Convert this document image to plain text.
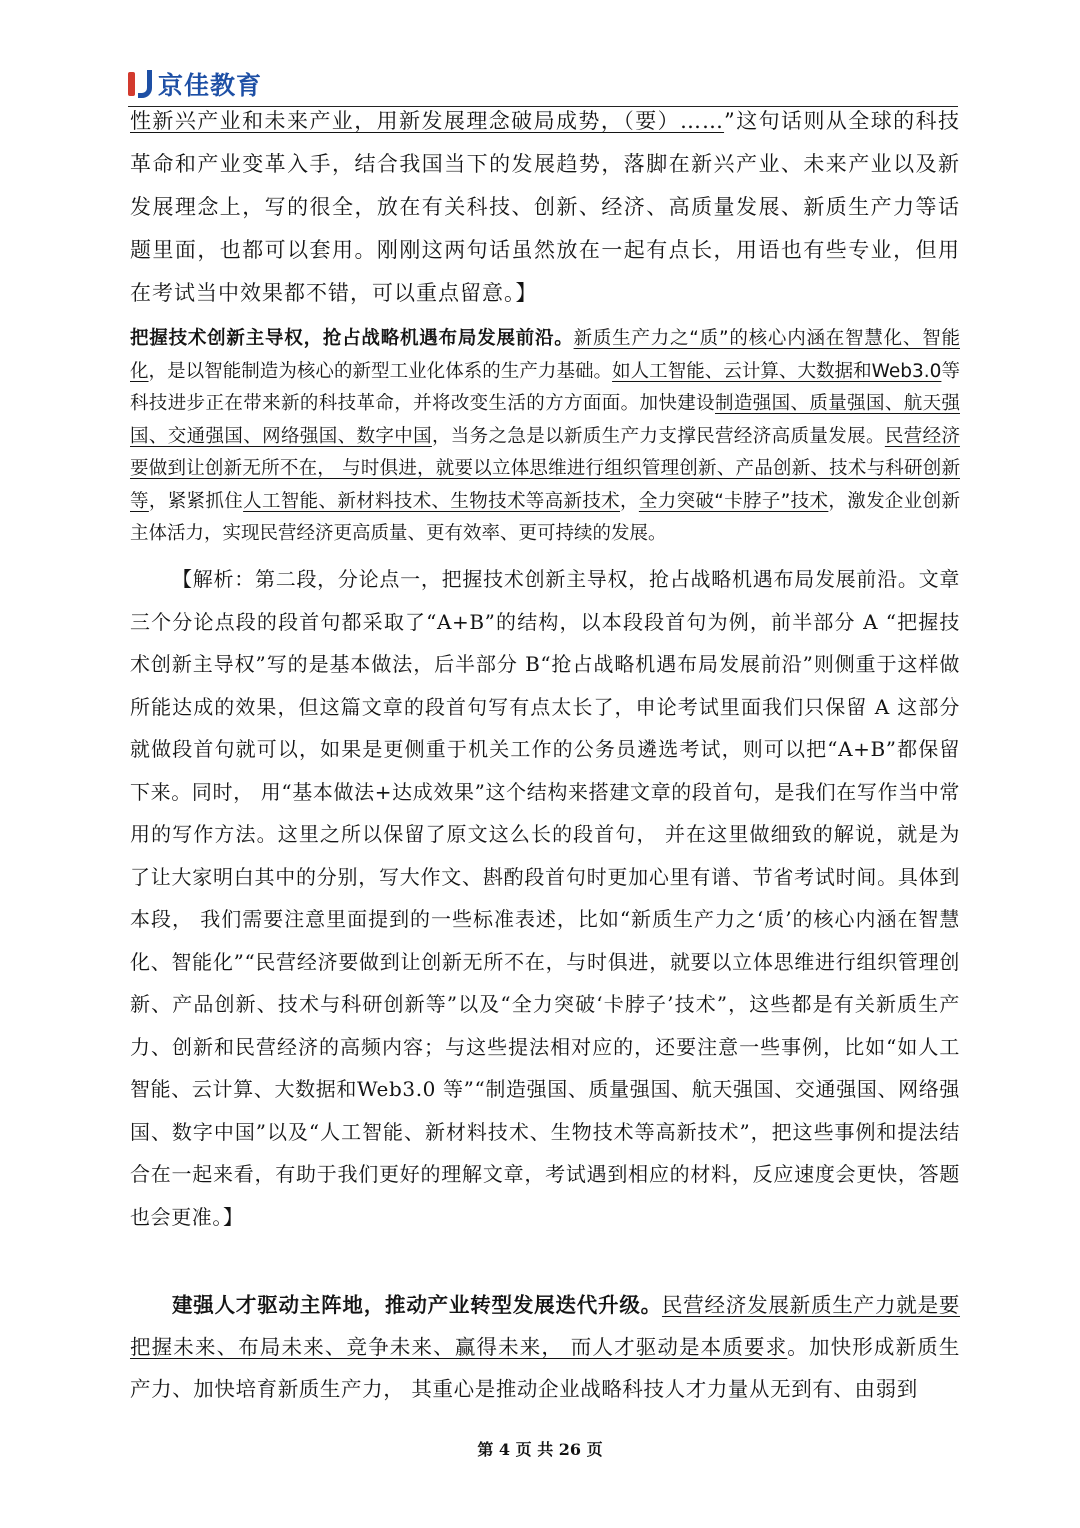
京佳教育
性新兴产业和未来产业，用新发展理念破局成势，（要）……”这句话则从全球的科技革命和产业变革入手，结合我国当下的发展趋势，落脚在新兴产业、未来产业以及新发展理念上，写的很全，放在有关科技、创新、经济、高质量发展、新质生产力等话题里面，也都可以套用。刚刚这两句话虽然放在一起有点长，用语也有些专业，但用在考试当中效果都不错，可以重点留意。】
把握技术创新主导权，抢占战略机遇布局发展前沿。新质生产力之“质”的核心内涵在智慧化、智能化，是以智能制造为核心的新型工业化体系的生产力基础。如人工智能、云计算、大数据和Web3.0等科技进步正在带来新的科技革命，并将改变生活的方方面面。加快建设制造强国、质量强国、航天强国、交通强国、网络强国、数字中国，当务之急是以新质生产力支撑民营经济高质量发展。民营经济要做到让创新无所不在， 与时俱进，就要以立体思维进行组织管理创新、产品创新、技术与科研创新等，紧紧抓住人工智能、新材料技术、生物技术等高新技术，全力突破“卡脖子”技术，激发企业创新主体活力，实现民营经济更高质量、更有效率、更可持续的发展。
【解析：第二段，分论点一，把握技术创新主导权，抢占战略机遇布局发展前沿。文章三个分论点段的段首句都采取了“A+B”的结构，以本段段首句为例，前半部分 A “把握技术创新主导权”写的是基本做法，后半部分 B“抢占战略机遇布局发展前沿”则侧重于这样做所能达成的效果，但这篇文章的段首句写有点太长了，申论考试里面我们只保留 A 这部分就做段首句就可以，如果是更侧重于机关工作的公务员遴选考试，则可以把“A+B”都保留下来。同时， 用“基本做法+达成效果”这个结构来搭建文章的段首句，是我们在写作当中常用的写作方法。这里之所以保留了原文这么长的段首句， 并在这里做细致的解说，就是为了让大家明白其中的分别，写大作文、斟酌段首句时更加心里有谱、节省考试时间。具体到本段， 我们需要注意里面提到的一些标准表述，比如“新质生产力之‘质’的核心内涵在智慧化、智能化”“民营经济要做到让创新无所不在，与时俱进，就要以立体思维进行组织管理创新、产品创新、技术与科研创新等”以及“全力突破‘卡脖子’技术”，这些都是有关新质生产力、创新和民营经济的高频内容；与这些提法相对应的，还要注意一些事例，比如“如人工智能、云计算、大数据和Web3.0 等”“制造强国、质量强国、航天强国、交通强国、网络强国、数字中国”以及“人工智能、新材料技术、生物技术等高新技术”，把这些事例和提法结合在一起来看，有助于我们更好的理解文章，考试遇到相应的材料，反应速度会更快，答题也会更准。】
建强人才驱动主阵地，推动产业转型发展迭代升级。民营经济发展新质生产力就是要把握未来、布局未来、竞争未来、赢得未来， 而人才驱动是本质要求。加快形成新质生产力、加快培育新质生产力， 其重心是推动企业战略科技人才力量从无到有、由弱到
第 4 页 共 26 页
